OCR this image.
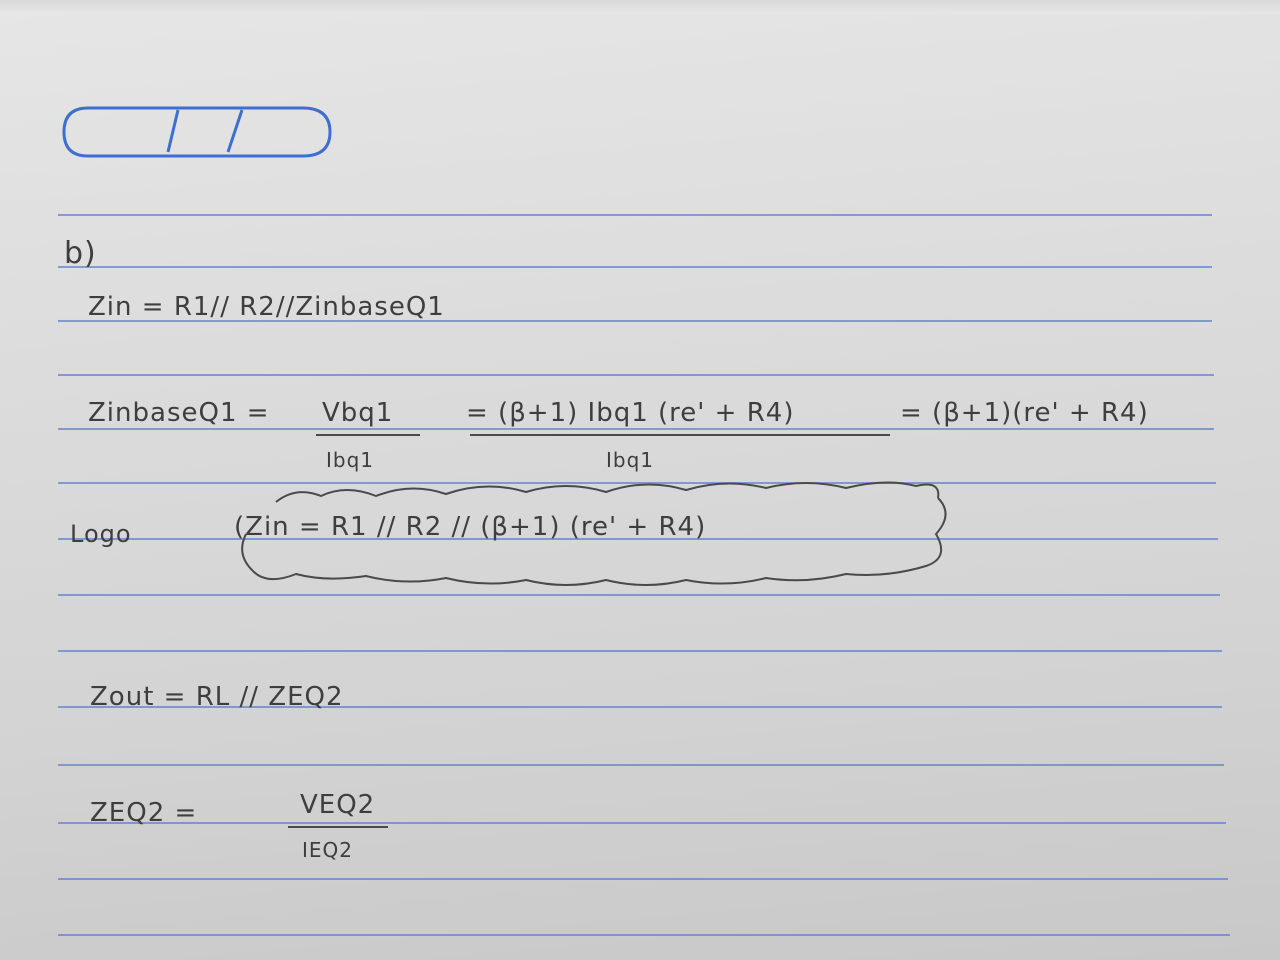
b)
Zin = R1// R2//ZinbaseQ1
ZinbaseQ1 = Vbq1
Ibq1
= (β+1) Ibq1 (re' + R4)
Ibq1
= (β+1)(re' + R4)
Logo	(Zin = R1 // R2 // (β+1) (re' + R4)
Zout = RL // ZEQ2
ZEQ2 =	VEQ2
IEQ2
